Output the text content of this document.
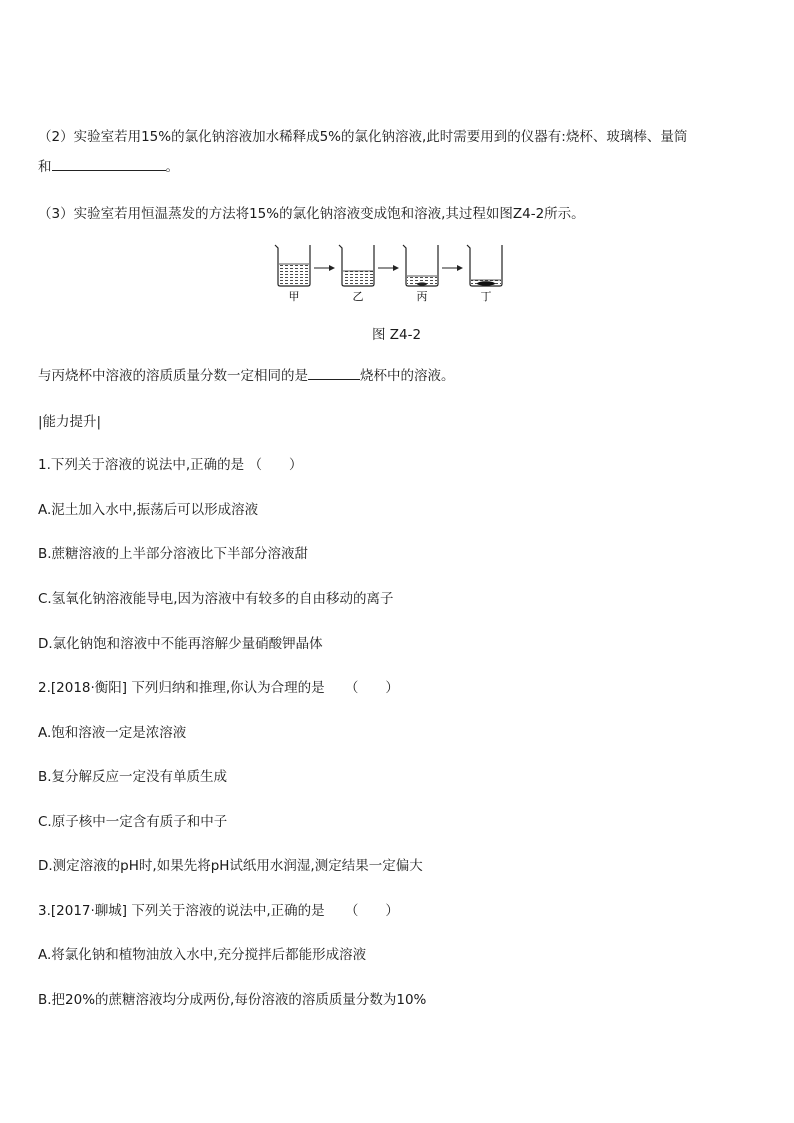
（2）实验室若用15%的氯化钠溶液加水稀释成5%的氯化钠溶液,此时需要用到的仪器有:烧杯、玻璃棒、量筒
和	。
（3）实验室若用恒温蒸发的方法将15%的氯化钠溶液变成饱和溶液,其过程如图Z4-2所示。
甲	乙	丙	丁
图 Z4-2
与丙烧杯中溶液的溶质质量分数一定相同的是	烧杯中的溶液。
|能力提升|
1.下列关于溶液的说法中,正确的是 （　　）
A.泥土加入水中,振荡后可以形成溶液
B.蔗糖溶液的上半部分溶液比下半部分溶液甜
C.氢氧化钠溶液能导电,因为溶液中有较多的自由移动的离子
D.氯化钠饱和溶液中不能再溶解少量硝酸钾晶体
2.[2018·衡阳] 下列归纳和推理,你认为合理的是　　（　　）
A.饱和溶液一定是浓溶液
B.复分解反应一定没有单质生成
C.原子核中一定含有质子和中子
D.测定溶液的pH时,如果先将pH试纸用水润湿,测定结果一定偏大
3.[2017·聊城] 下列关于溶液的说法中,正确的是　　（　　）
A.将氯化钠和植物油放入水中,充分搅拌后都能形成溶液
B.把20%的蔗糖溶液均分成两份,每份溶液的溶质质量分数为10%
